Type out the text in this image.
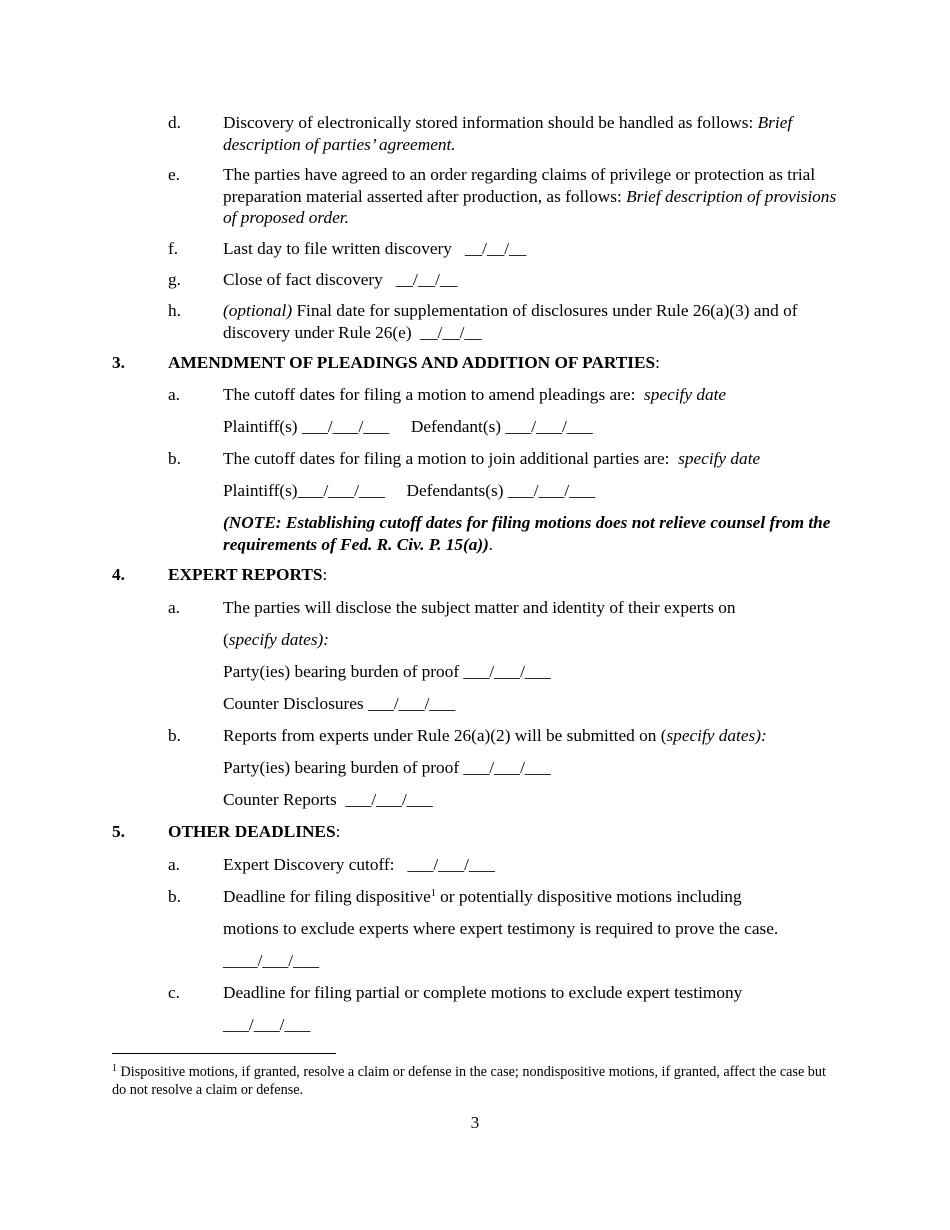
d. Discovery of electronically stored information should be handled as follows: Brief description of parties’ agreement.
e. The parties have agreed to an order regarding claims of privilege or protection as trial preparation material asserted after production, as follows: Brief description of provisions of proposed order.
f.	Last day to file written discovery   __/__/__
g. Close of fact discovery   __/__/__
h. (optional) Final date for supplementation of disclosures under Rule 26(a)(3) and of discovery under Rule 26(e)  __/__/__
3. AMENDMENT OF PLEADINGS AND ADDITION OF PARTIES:
a. The cutoff dates for filing a motion to amend pleadings are:  specify date
Plaintiff(s) ___/___/___     Defendant(s) ___/___/___
b. The cutoff dates for filing a motion to join additional parties are:  specify date
Plaintiff(s)___/___/___     Defendants(s) ___/___/___
(NOTE: Establishing cutoff dates for filing motions does not relieve counsel from the requirements of Fed. R. Civ. P. 15(a)).
4. EXPERT REPORTS:
a. The parties will disclose the subject matter and identity of their experts on
(specify dates):
Party(ies) bearing burden of proof ___/___/___
Counter Disclosures ___/___/___
b. Reports from experts under Rule 26(a)(2) will be submitted on (specify dates):
Party(ies) bearing burden of proof ___/___/___
Counter Reports  ___/___/___
5. OTHER DEADLINES:
a. Expert Discovery cutoff:   ___/___/___
b. Deadline for filing dispositive$^1$ or potentially dispositive motions including
motions to exclude experts where expert testimony is required to prove the case.
____/___/___
c. Deadline for filing partial or complete motions to exclude expert testimony
___/___/___
$^1$ Dispositive motions, if granted, resolve a claim or defense in the case; nondispositive motions, if granted, affect the case but do not resolve a claim or defense.
3
